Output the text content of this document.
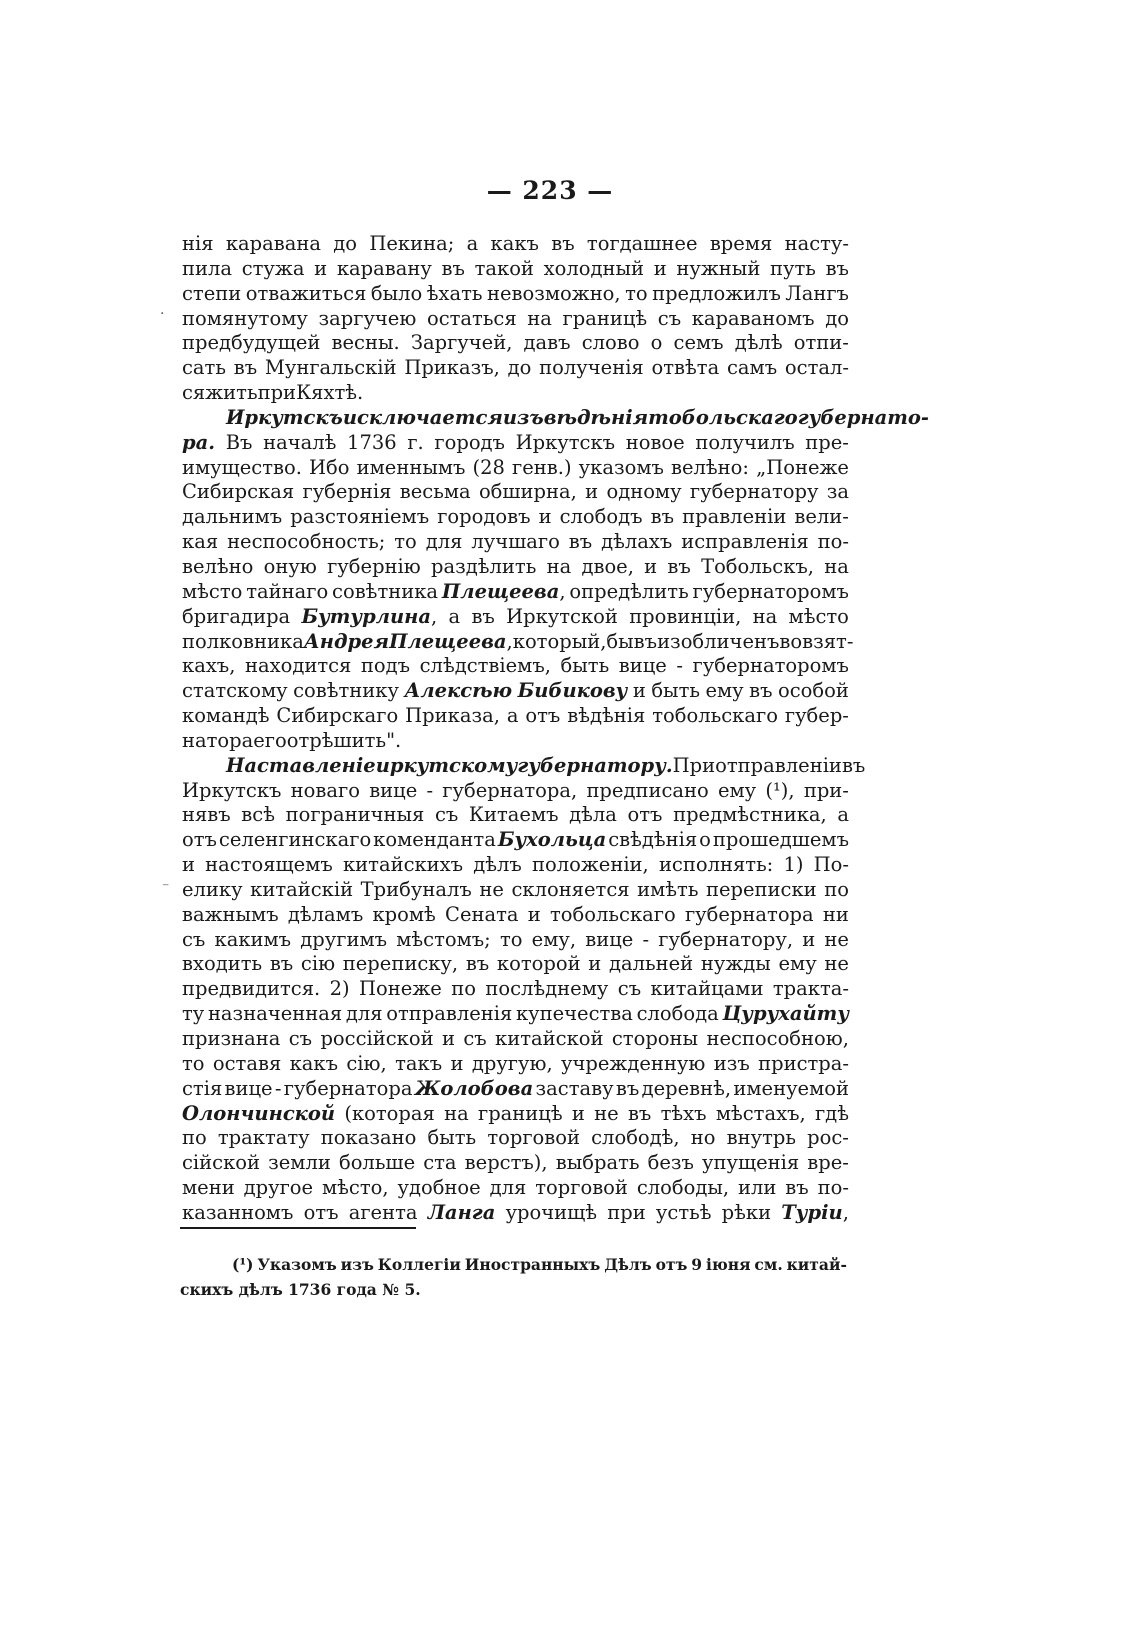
— 223 —
нія каравана до Пекина; а какъ въ тогдашнее время насту-
пила стужа и каравану въ такой холодный и нужный путь въ
степи отважиться было ѣхать невозможно, то предложилъ Лангъ
помянутому заргучею остаться на границѣ съ караваномъ до
предбудущей весны. Заргучей, давъ слово о семъ дѣлѣ отпи-
сать въ Мунгальскій Приказъ, до полученія отвѣта самъ остал-
ся жить при Кяхтѣ.
Иркутскъ исключается изъ вѣдѣнія тобольскаго губернато-
ра. Въ началѣ 1736 г. городъ Иркутскъ новое получилъ пре-
имущество. Ибо именнымъ (28 генв.) указомъ велѣно: „Понеже
Сибирская губернія весьма обширна, и одному губернатору за
дальнимъ разстояніемъ городовъ и слободъ въ правленіи вели-
кая неспособность; то для лучшаго въ дѣлахъ исправленія по-
велѣно оную губернію раздѣлить на двое, и въ Тобольскъ, на
мѣсто тайнаго совѣтника Плещеева, опредѣлить губернаторомъ
бригадира Бутурлина, а въ Иркутской провинціи, на мѣсто
полковника Андрея Плещеева, который, бывъ изобличенъ во взят-
кахъ, находится подъ слѣдствіемъ, быть вице - губернаторомъ
статскому совѣтнику Алексѣю Бибикову и быть ему въ особой
командѣ Сибирскаго Приказа, а отъ вѣдѣнія тобольскаго губер-
натора его отрѣшить".
Наставленіе иркутскому губернатору. При отправленіи въ
Иркутскъ новаго вице - губернатора, предписано ему (¹), при-
нявъ всѣ пограничныя съ Китаемъ дѣла отъ предмѣстника, а
отъ селенгинскаго коменданта Бухольца свѣдѣнія о прошедшемъ
и настоящемъ китайскихъ дѣлъ положеніи, исполнять: 1) По-
елику китайскій Трибуналъ не склоняется имѣть переписки по
важнымъ дѣламъ кромѣ Сената и тобольскаго губернатора ни
съ какимъ другимъ мѣстомъ; то ему, вице - губернатору, и не
входить въ сію переписку, въ которой и дальней нужды ему не
предвидится. 2) Понеже по послѣднему съ китайцами тракта-
ту назначенная для отправленія купечества слобода Цурухайту
признана съ россійской и съ китайской стороны неспособною,
то оставя какъ сію, такъ и другую, учрежденную изъ пристра-
стія вице - губернатора Жолобова заставу въ деревнѣ, именуемой
Олончинской (которая на границѣ и не въ тѣхъ мѣстахъ, гдѣ
по трактату показано быть торговой слободѣ, но внутрь рос-
сійской земли больше ста верстъ), выбрать безъ упущенія вре-
мени другое мѣсто, удобное для торговой слободы, или въ по-
казанномъ отъ агента Ланга урочищѣ при устьѣ рѣки Туріи,
(¹) Указомъ изъ Коллегіи Иностранныхъ Дѣлъ отъ 9 іюня см. китай-
скихъ дѣлъ 1736 года № 5.
·
⁻
